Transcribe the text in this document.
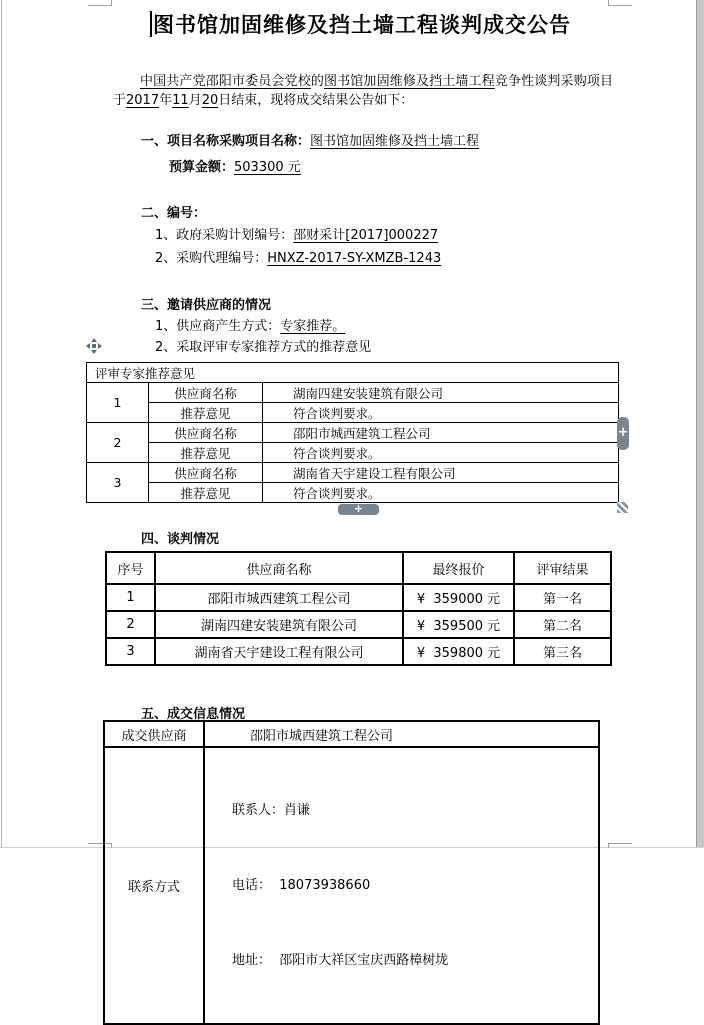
图书馆加固维修及挡土墙工程谈判成交公告
中国共产党邵阳市委员会党校的图书馆加固维修及挡土墙工程竞争性谈判采购项目于2017年11月20日结束，现将成交结果公告如下：
一、项目名称采购项目名称：图书馆加固维修及挡土墙工程
预算金额：503300 元
二、编号：
1、政府采购计划编号：邵财采计[2017]000227
2、采购代理编号：HNXZ-2017-SY-XMZB-1243
三、邀请供应商的情况
1、供应商产生方式：专家推荐。
2、采取评审专家推荐方式的推荐意见
评审专家推荐意见		
1	供应商名称	湖南四建安装建筑有限公司
	推荐意见	符合谈判要求。
2	供应商名称	邵阳市城西建筑工程公司
	推荐意见	符合谈判要求。
3	供应商名称	湖南省天宇建设工程有限公司
	推荐意见	符合谈判要求。
+
+
四、谈判情况
序号	供应商名称	最终报价	评审结果
1	邵阳市城西建筑工程公司	¥  359000 元	第一名
2	湖南四建安装建筑有限公司	¥  359500 元	第二名
3	湖南省天宇建设工程有限公司	¥  359800 元	第三名
五、成交信息情况
成交供应商	邵阳市城西建筑工程公司
联系方式	联系人：肖谦

电话：  18073938660

地址：  邵阳市大祥区宝庆西路樟树垅
